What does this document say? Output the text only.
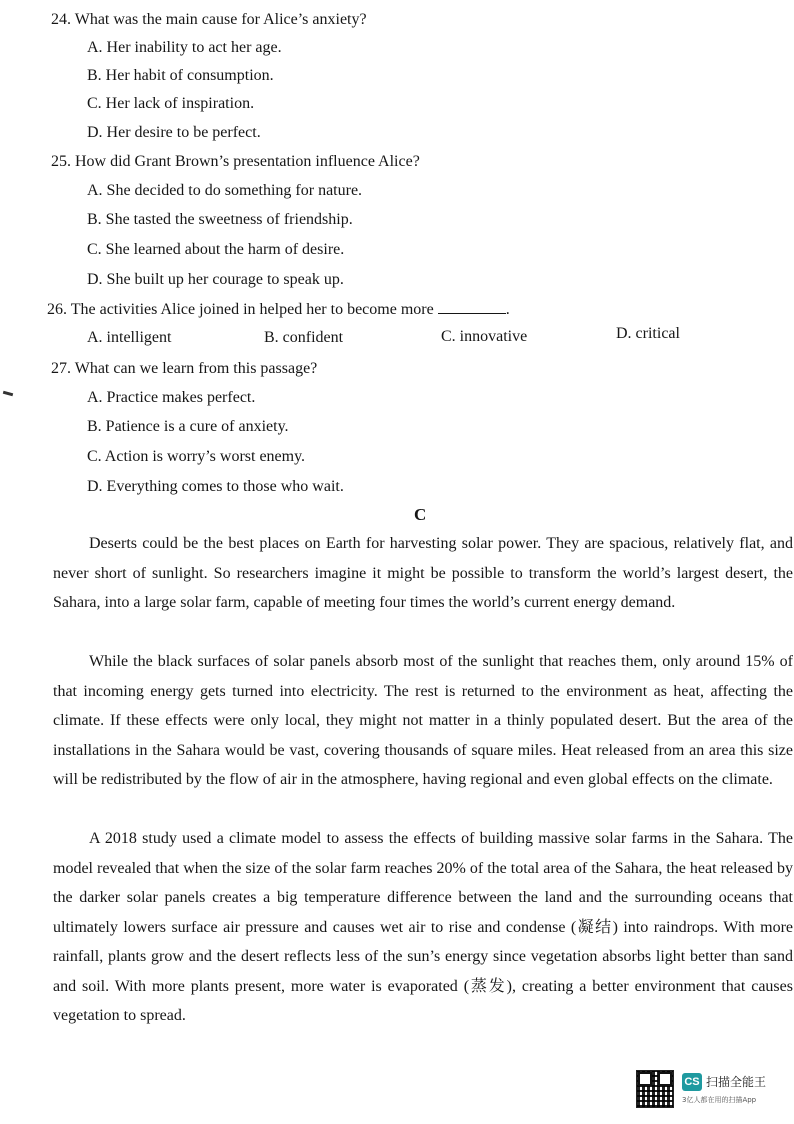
24. What was the main cause for Alice’s anxiety?
A. Her inability to act her age.
B. Her habit of consumption.
C. Her lack of inspiration.
D. Her desire to be perfect.
25. How did Grant Brown’s presentation influence Alice?
A. She decided to do something for nature.
B. She tasted the sweetness of friendship.
C. She learned about the harm of desire.
D. She built up her courage to speak up.
26. The activities Alice joined in helped her to become more	.
A. intelligent	B. confident	C. innovative	D. critical
27. What can we learn from this passage?
A. Practice makes perfect.
B. Patience is a cure of anxiety.
C. Action is worry’s worst enemy.
D. Everything comes to those who wait.
C
Deserts could be the best places on Earth for harvesting solar power. They are spacious, relatively flat, and never short of sunlight. So researchers imagine it might be possible to transform the world’s largest desert, the Sahara, into a large solar farm, capable of meeting four times the world’s current energy demand.
While the black surfaces of solar panels absorb most of the sunlight that reaches them, only around 15% of that incoming energy gets turned into electricity. The rest is returned to the environment as heat, affecting the climate. If these effects were only local, they might not matter in a thinly populated desert. But the area of the installations in the Sahara would be vast, covering thousands of square miles. Heat released from an area this size will be redistributed by the flow of air in the atmosphere, having regional and even global effects on the climate.
A 2018 study used a climate model to assess the effects of building massive solar farms in the Sahara. The model revealed that when the size of the solar farm reaches 20% of the total area of the Sahara, the heat released by the darker solar panels creates a big temperature difference between the land and the surrounding oceans that ultimately lowers surface air pressure and causes wet air to rise and condense (凝结) into raindrops. With more rainfall, plants grow and the desert reflects less of the sun’s energy since vegetation absorbs light better than sand and soil. With more plants present, more water is evaporated (蒸发), creating a better environment that causes vegetation to spread.
CS 扫描全能王
3亿人都在用的扫描App
